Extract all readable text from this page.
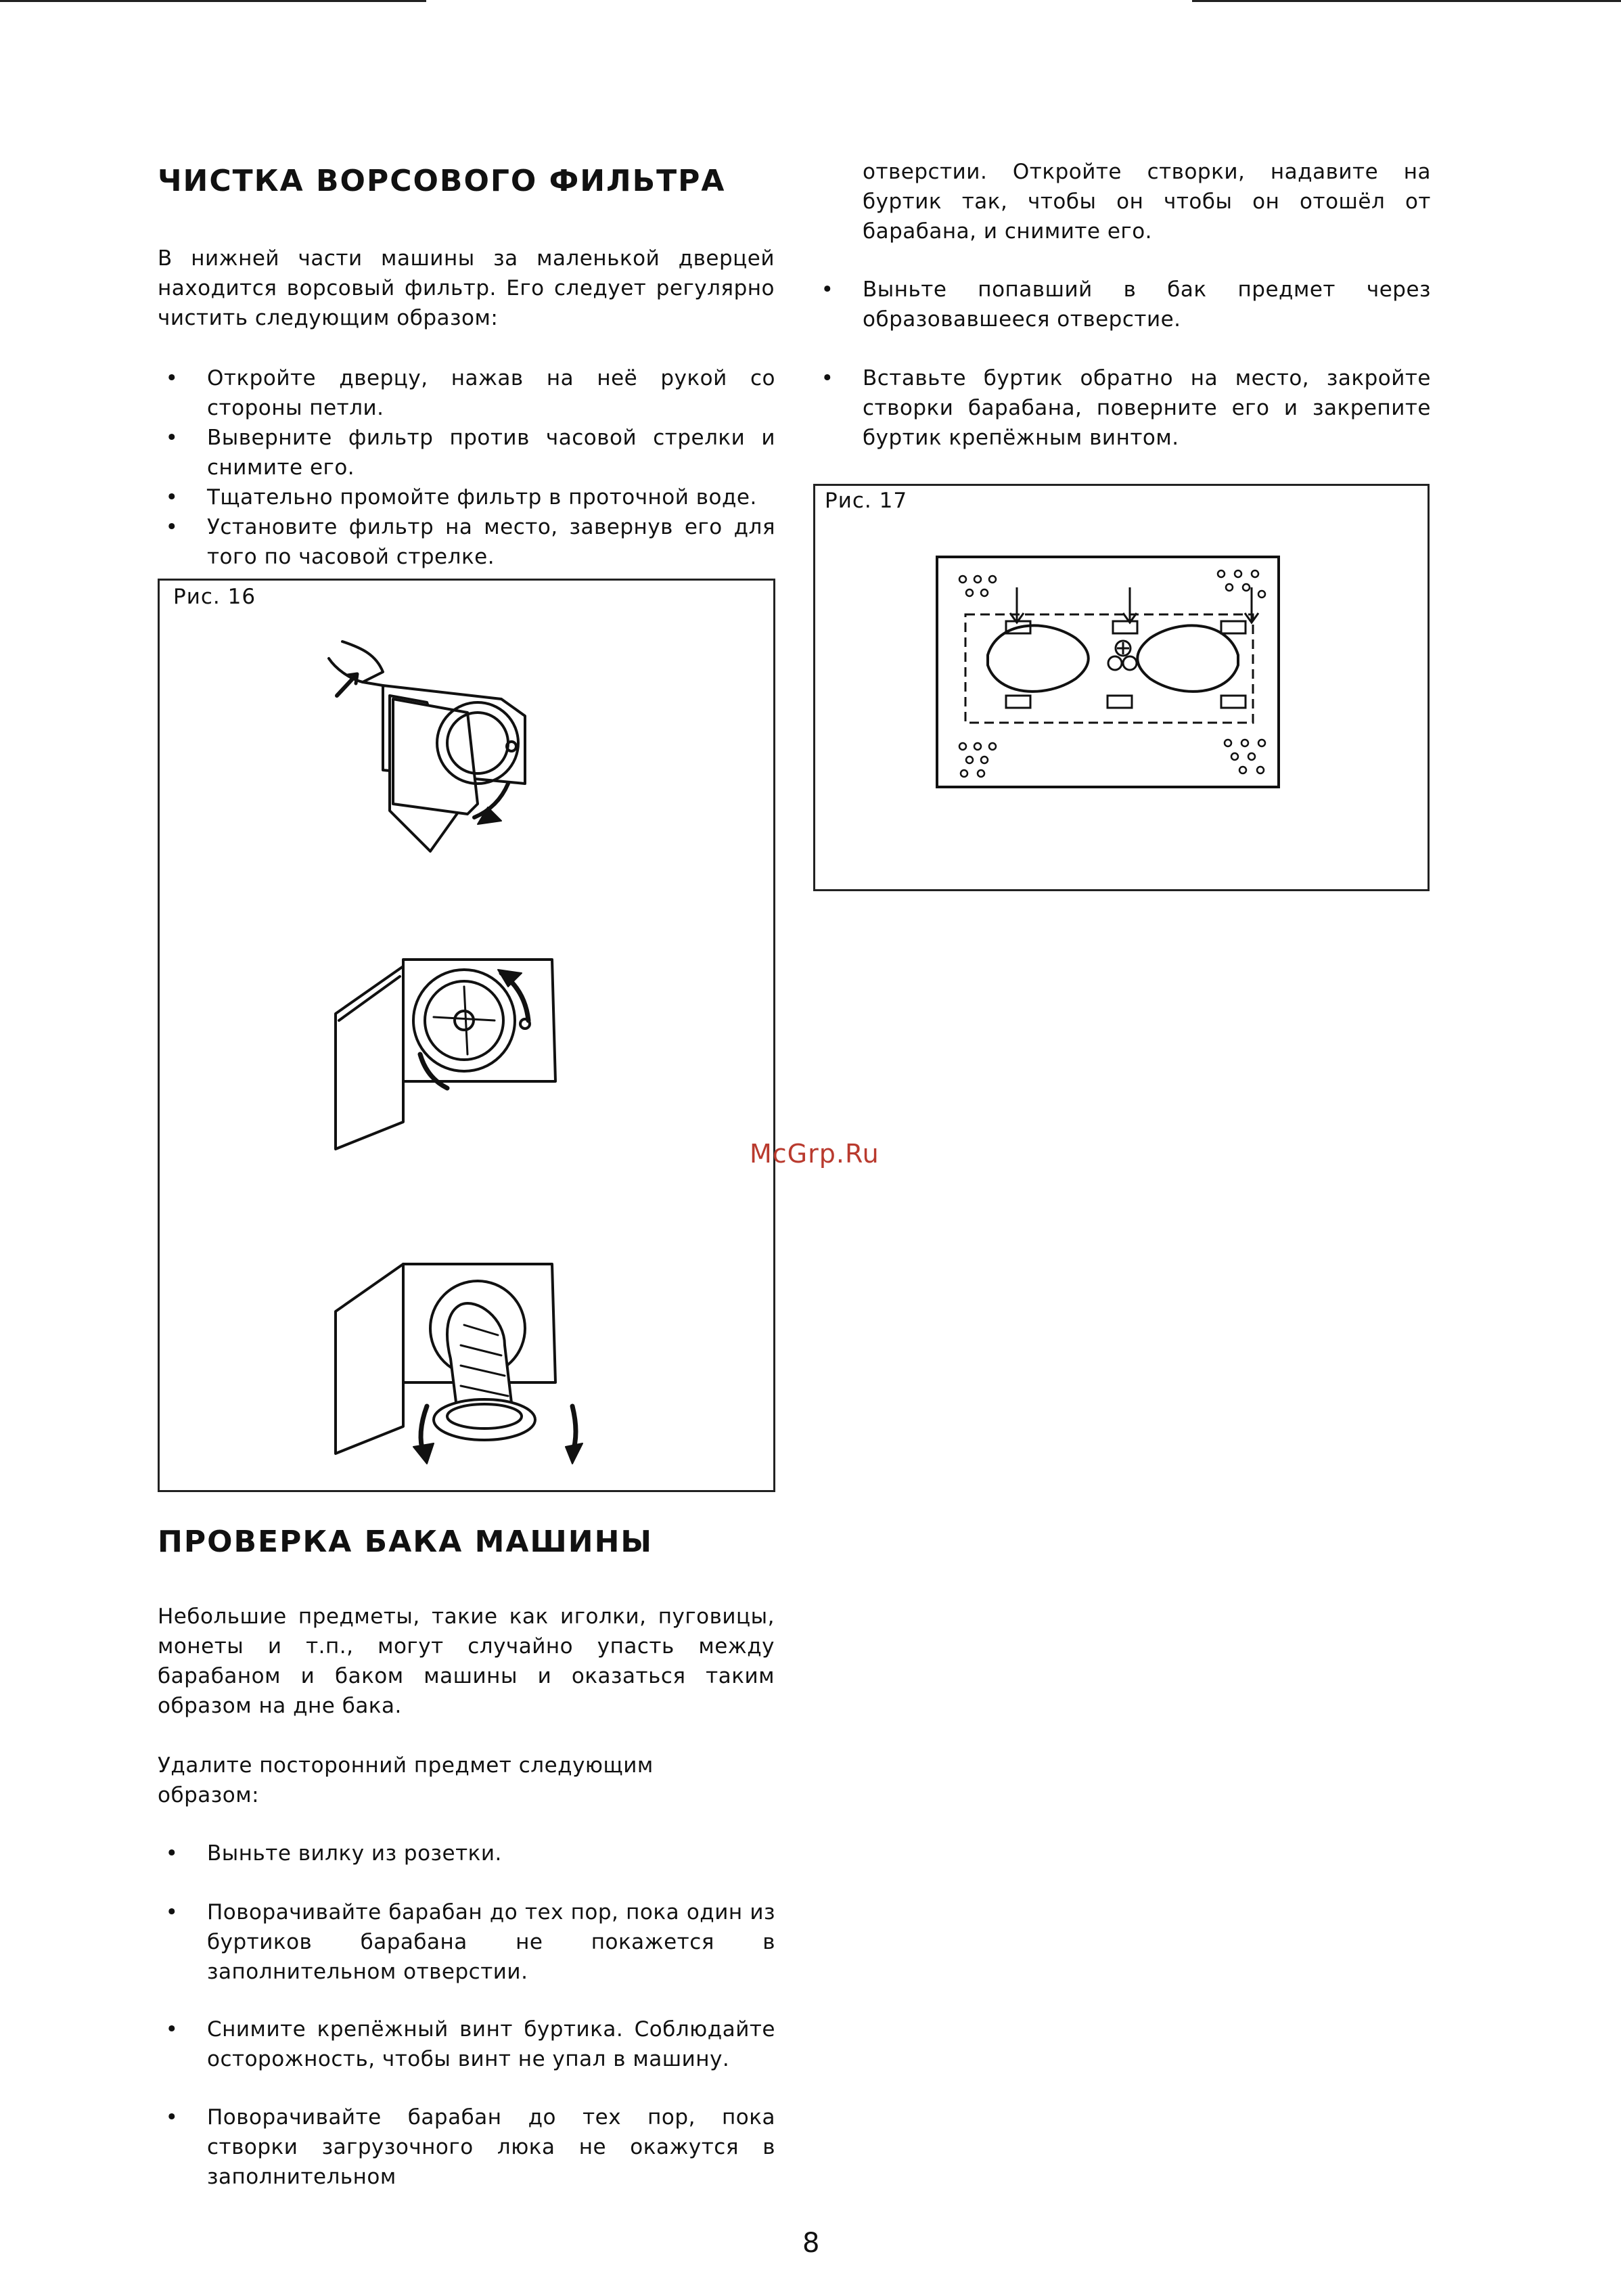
ЧИСТКА ВОРСОВОГО ФИЛЬТРА

В нижней части машины за маленькой дверцей находится ворсовый фильтр. Его следует регулярно чистить следующим образом:

•	Откройте дверцу, нажав на неё рукой со стороны петли.
•	Выверните фильтр против часовой стрелки и снимите его.
•	Тщательно промойте фильтр в проточной воде.
•	Установите фильтр на место, завернув его для того по часовой стрелке.
Рис. 16
ПРОВЕРКА БАКА МАШИНЫ

Небольшие предметы, такие как иголки, пуговицы, монеты и т.п., могут случайно упасть между барабаном и баком машины и оказаться таким образом на дне бака.

Удалите посторонний предмет следующим образом:

•	Выньте вилку из розетки.
•	Поворачивайте барабан до тех пор, пока один из буртиков барабана не покажется в заполнительном отверстии.
•	Снимите крепёжный винт буртика. Соблюдайте осторожность, чтобы винт не упал в машину.
•	Поворачивайте барабан до тех пор, пока створки загрузочного люка не окажутся в заполнительном

отверстии. Откройте створки, надавите на буртик так, чтобы он чтобы он отошёл от барабана, и снимите его.

•	Выньте попавший в бак предмет через образовавшееся отверстие.
•	Вставьте буртик обратно на место, закройте створки барабана, поверните его и закрепите буртик крепёжным винтом.
Рис. 17
McGrp.Ru
8
